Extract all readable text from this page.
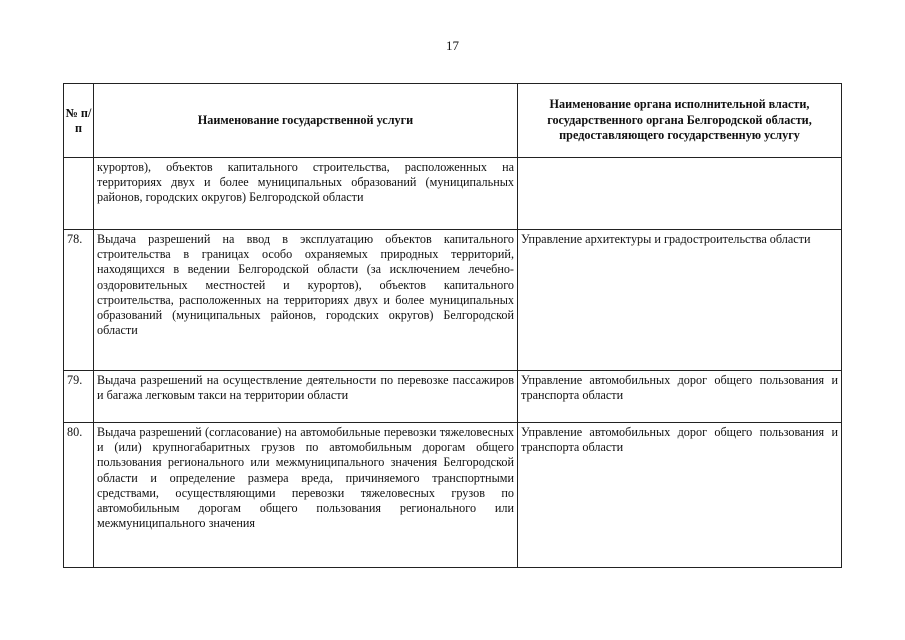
17
№ п/п	Наименование государственной услуги	Наименование органа исполнительной власти, государственного органа Белгородской области, предоставляющего государственную услугу
	курортов), объектов капитального строительства, расположенных на территориях двух и более муниципальных образований (муниципальных районов, городских округов) Белгородской области	
78.	Выдача разрешений на ввод в эксплуатацию объектов капитального строительства в границах особо охраняемых природных территорий, находящихся в ведении Белгородской области (за исключением лечебно-оздоровительных местностей и курортов), объектов капитального строительства, расположенных на территориях двух и более муниципальных образований (муниципальных районов, городских округов) Белгородской области	Управление архитектуры и градостроительства области
79.	Выдача разрешений на осуществление деятельности по перевозке пассажиров и багажа легковым такси на территории области	Управление автомобильных дорог общего пользования и транспорта области
80.	Выдача разрешений (согласование) на автомобильные перевозки тяжеловесных и (или) крупногабаритных грузов по автомобильным дорогам общего пользования регионального или межмуниципального значения Белгородской области и определение размера вреда, причиняемого транспортными средствами, осуществляющими перевозки тяжеловесных грузов по автомобильным дорогам общего пользования регионального или межмуниципального значения	Управление автомобильных дорог общего пользования и транспорта области
